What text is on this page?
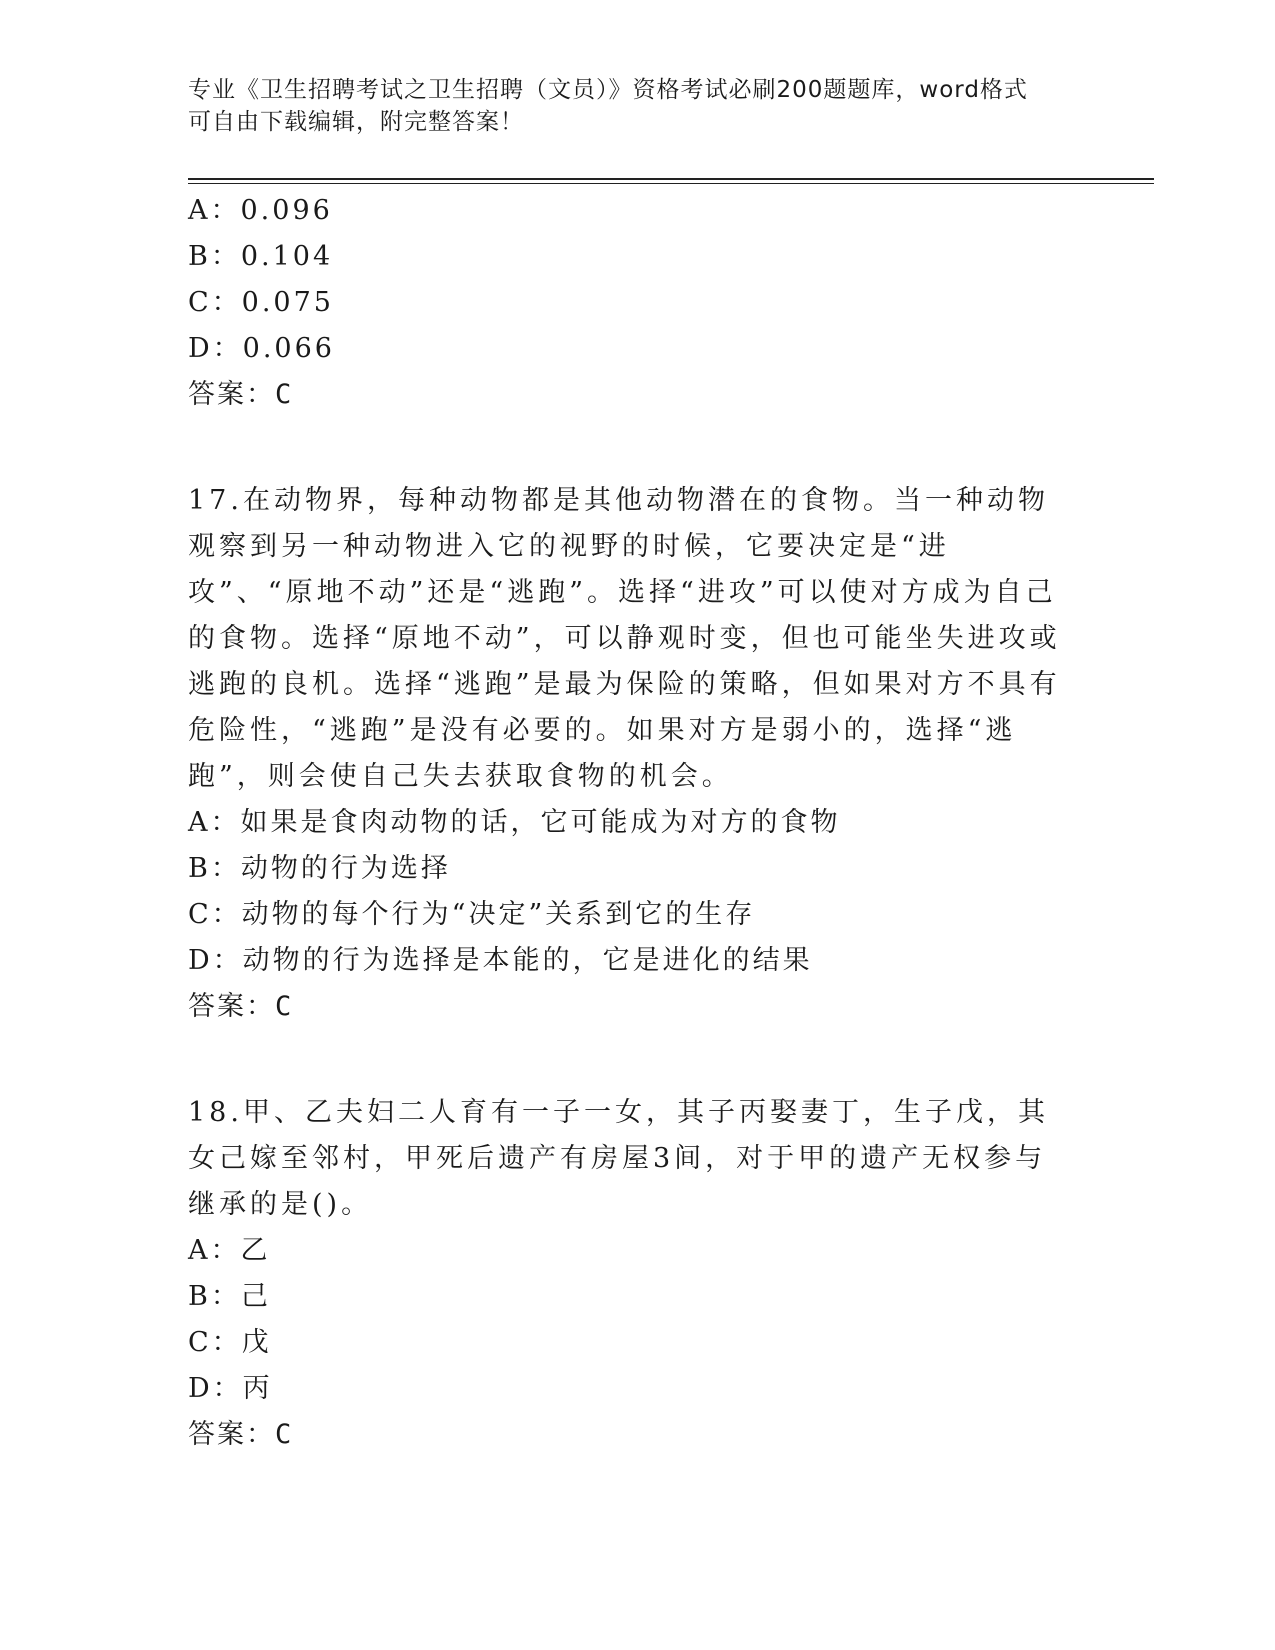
专业《卫生招聘考试之卫生招聘（文员）》资格考试必刷200题题库，word格式
可自由下载编辑，附完整答案！
A：0.096
B：0.104
C：0.075
D：0.066
答案：C
17.在动物界，每种动物都是其他动物潜在的食物。当一种动物观察到另一种动物进入它的视野的时候，它要决定是“进攻”、“原地不动”还是“逃跑”。选择“进攻”可以使对方成为自己的食物。选择“原地不动”，可以静观时变，但也可能坐失进攻或逃跑的良机。选择“逃跑”是最为保险的策略，但如果对方不具有危险性，“逃跑”是没有必要的。如果对方是弱小的，选择“逃跑”，则会使自己失去获取食物的机会。
A：如果是食肉动物的话，它可能成为对方的食物
B：动物的行为选择
C：动物的每个行为“决定”关系到它的生存
D：动物的行为选择是本能的，它是进化的结果
答案：C
18.甲、乙夫妇二人育有一子一女，其子丙娶妻丁，生子戊，其女己嫁至邻村，甲死后遗产有房屋3间，对于甲的遗产无权参与继承的是()。
A：乙
B：己
C：戊
D：丙
答案：C
